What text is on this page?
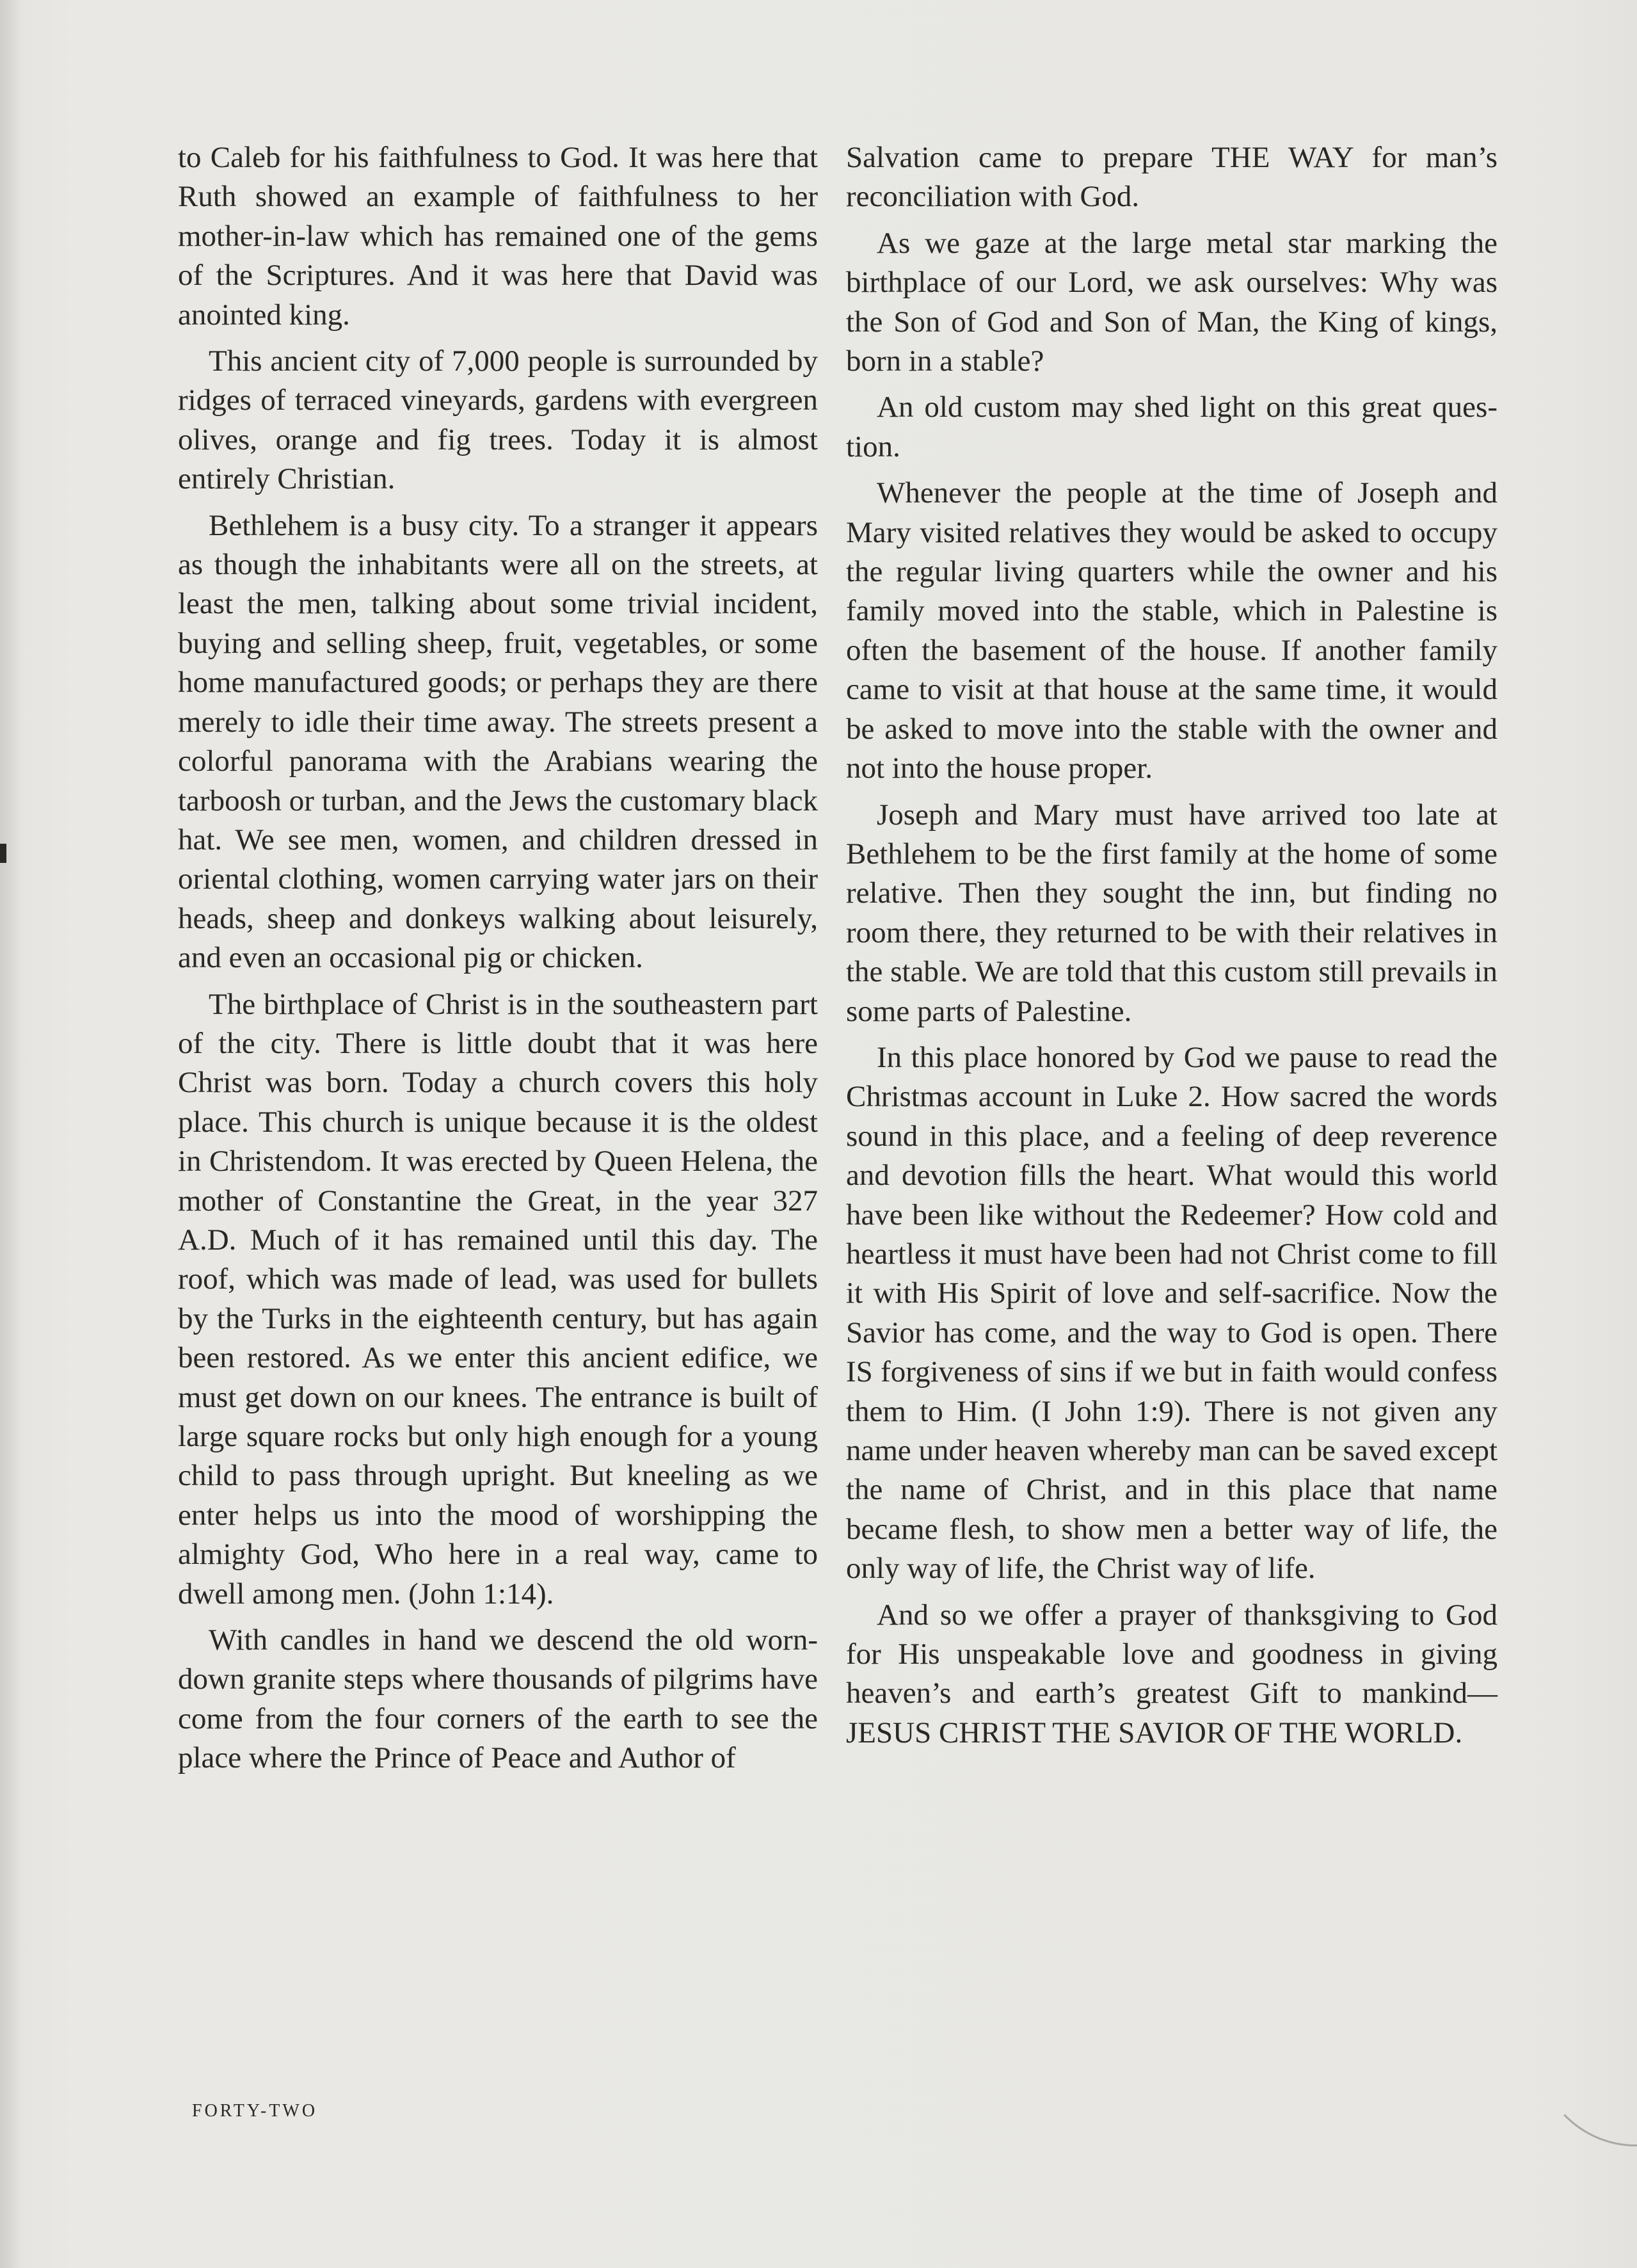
to Caleb for his faithfulness to God. It was here that Ruth showed an example of faithfulness to her mother-in-law which has remained one of the gems of the Scriptures. And it was here that David was anointed king.

This ancient city of 7,000 people is surrounded by ridges of terraced vineyards, gardens with evergreen olives, orange and fig trees. Today it is almost entirely Christian.

Bethlehem is a busy city. To a stranger it appears as though the inhabitants were all on the streets, at least the men, talking about some trivial incident, buying and selling sheep, fruit, vegetables, or some home manufactured goods; or perhaps they are there merely to idle their time away. The streets present a colorful panorama with the Arabians wearing the tarboosh or turban, and the Jews the customary black hat. We see men, women, and children dressed in oriental clothing, women carrying water jars on their heads, sheep and donkeys walking about leisurely, and even an occasional pig or chicken.

The birthplace of Christ is in the southeastern part of the city. There is little doubt that it was here Christ was born. Today a church covers this holy place. This church is unique because it is the oldest in Christendom. It was erected by Queen Helena, the mother of Constantine the Great, in the year 327 A.D. Much of it has remained until this day. The roof, which was made of lead, was used for bullets by the Turks in the eighteenth century, but has again been restored. As we enter this ancient edifice, we must get down on our knees. The entrance is built of large square rocks but only high enough for a young child to pass through upright. But kneeling as we enter helps us into the mood of worshipping the almighty God, Who here in a real way, came to dwell among men. (John 1:14).

With candles in hand we descend the old worndown granite steps where thousands of pilgrims have come from the four corners of the earth to see the place where the Prince of Peace and Author of

Salvation came to prepare THE WAY for man’s reconciliation with God.

As we gaze at the large metal star marking the birthplace of our Lord, we ask ourselves: Why was the Son of God and Son of Man, the King of kings, born in a stable?

An old custom may shed light on this great question.

Whenever the people at the time of Joseph and Mary visited relatives they would be asked to occupy the regular living quarters while the owner and his family moved into the stable, which in Palestine is often the basement of the house. If another family came to visit at that house at the same time, it would be asked to move into the stable with the owner and not into the house proper.

Joseph and Mary must have arrived too late at Bethlehem to be the first family at the home of some relative. Then they sought the inn, but finding no room there, they returned to be with their relatives in the stable. We are told that this custom still prevails in some parts of Palestine.

In this place honored by God we pause to read the Christmas account in Luke 2. How sacred the words sound in this place, and a feeling of deep reverence and devotion fills the heart. What would this world have been like without the Redeemer? How cold and heartless it must have been had not Christ come to fill it with His Spirit of love and self-sacrifice. Now the Savior has come, and the way to God is open. There IS forgiveness of sins if we but in faith would confess them to Him. (I John 1:9). There is not given any name under heaven whereby man can be saved except the name of Christ, and in this place that name became flesh, to show men a better way of life, the only way of life, the Christ way of life.

And so we offer a prayer of thanksgiving to God for His unspeakable love and goodness in giving heaven’s and earth’s greatest Gift to mankind—JESUS CHRIST THE SAVIOR OF THE WORLD.

FORTY-TWO
